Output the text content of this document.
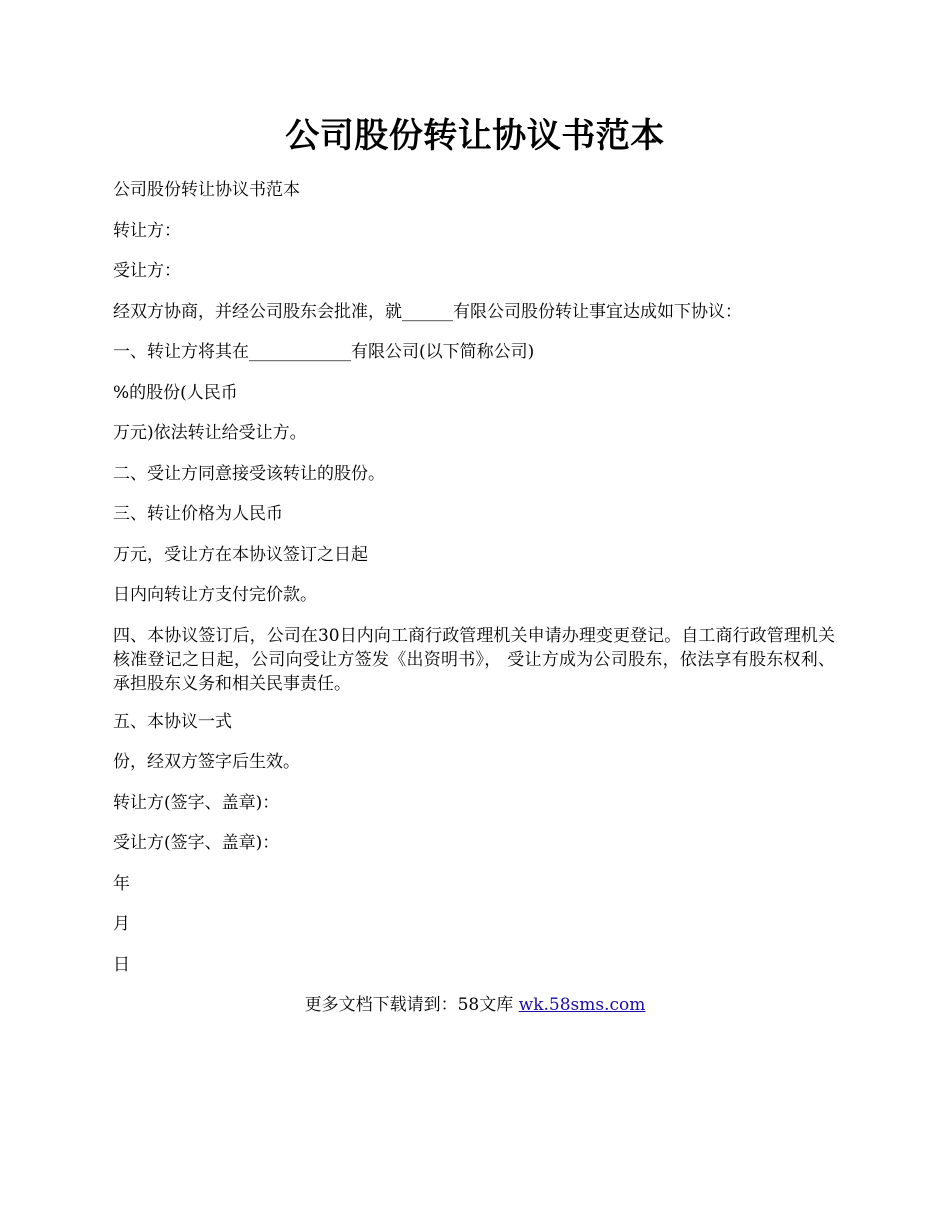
公司股份转让协议书范本

公司股份转让协议书范本

转让方：

受让方：

经双方协商，并经公司股东会批准，就______有限公司股份转让事宜达成如下协议：

一、转让方将其在____________有限公司(以下简称公司)

%的股份(人民币

万元)依法转让给受让方。

二、受让方同意接受该转让的股份。

三、转让价格为人民币

万元，受让方在本协议签订之日起

日内向转让方支付完价款。

四、本协议签订后，公司在30日内向工商行政管理机关申请办理变更登记。自工商行政管理机关核准登记之日起，公司向受让方签发《出资明书》， 受让方成为公司股东，依法享有股东权利、承担股东义务和相关民事责任。

五、本协议一式

份，经双方签字后生效。

转让方(签字、盖章)：

受让方(签字、盖章)：

年

月

日

更多文档下载请到：58文库 wk.58sms.com
